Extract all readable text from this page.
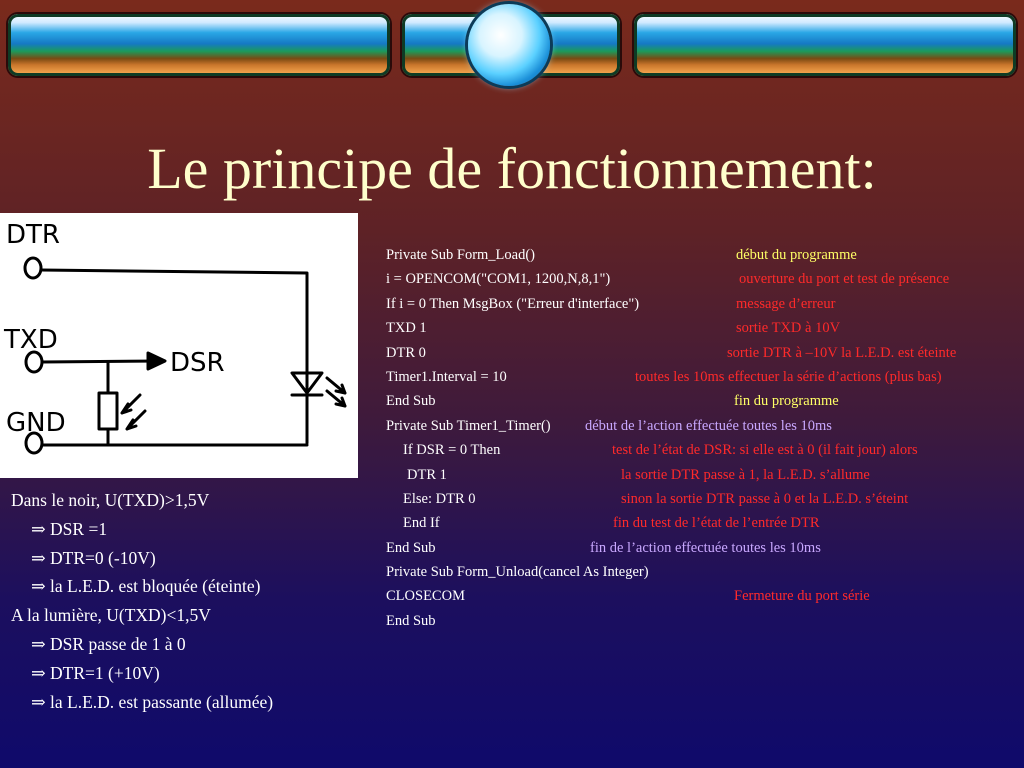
Le principe de fonctionnement:
DTR
TXD
DSR
GND
Dans le noir, U(TXD)>1,5V
⇒ DSR =1
⇒ DTR=0 (-10V)
⇒ la L.E.D. est bloquée (éteinte)
A la lumière, U(TXD)<1,5V
⇒ DSR passe de 1 à 0
⇒ DTR=1 (+10V)
⇒ la L.E.D. est passante (allumée)
Private Sub Form_Load()	début du programme
i = OPENCOM("COM1, 1200,N,8,1")	ouverture du port et test de présence
If i = 0 Then MsgBox ("Erreur d'interface")	message d’erreur
TXD 1	sortie TXD à 10V
DTR 0	sortie DTR à –10V la L.E.D. est éteinte
Timer1.Interval = 10	toutes les 10ms effectuer la série d’actions (plus bas)
End Sub	fin du programme
Private Sub Timer1_Timer() début de l’action effectuée toutes les 10ms
If DSR = 0 Then	test de l’état de DSR: si elle est à 0 (il fait jour) alors
DTR 1	la sortie DTR passe à 1, la L.E.D. s’allume
Else: DTR 0	sinon la sortie DTR passe à 0 et la L.E.D. s’éteint
End If	fin du test de l’état de l’entrée DTR
End Sub	fin de l’action effectuée toutes les 10ms
Private Sub Form_Unload(cancel As Integer)
CLOSECOM	Fermeture du port série
End Sub
